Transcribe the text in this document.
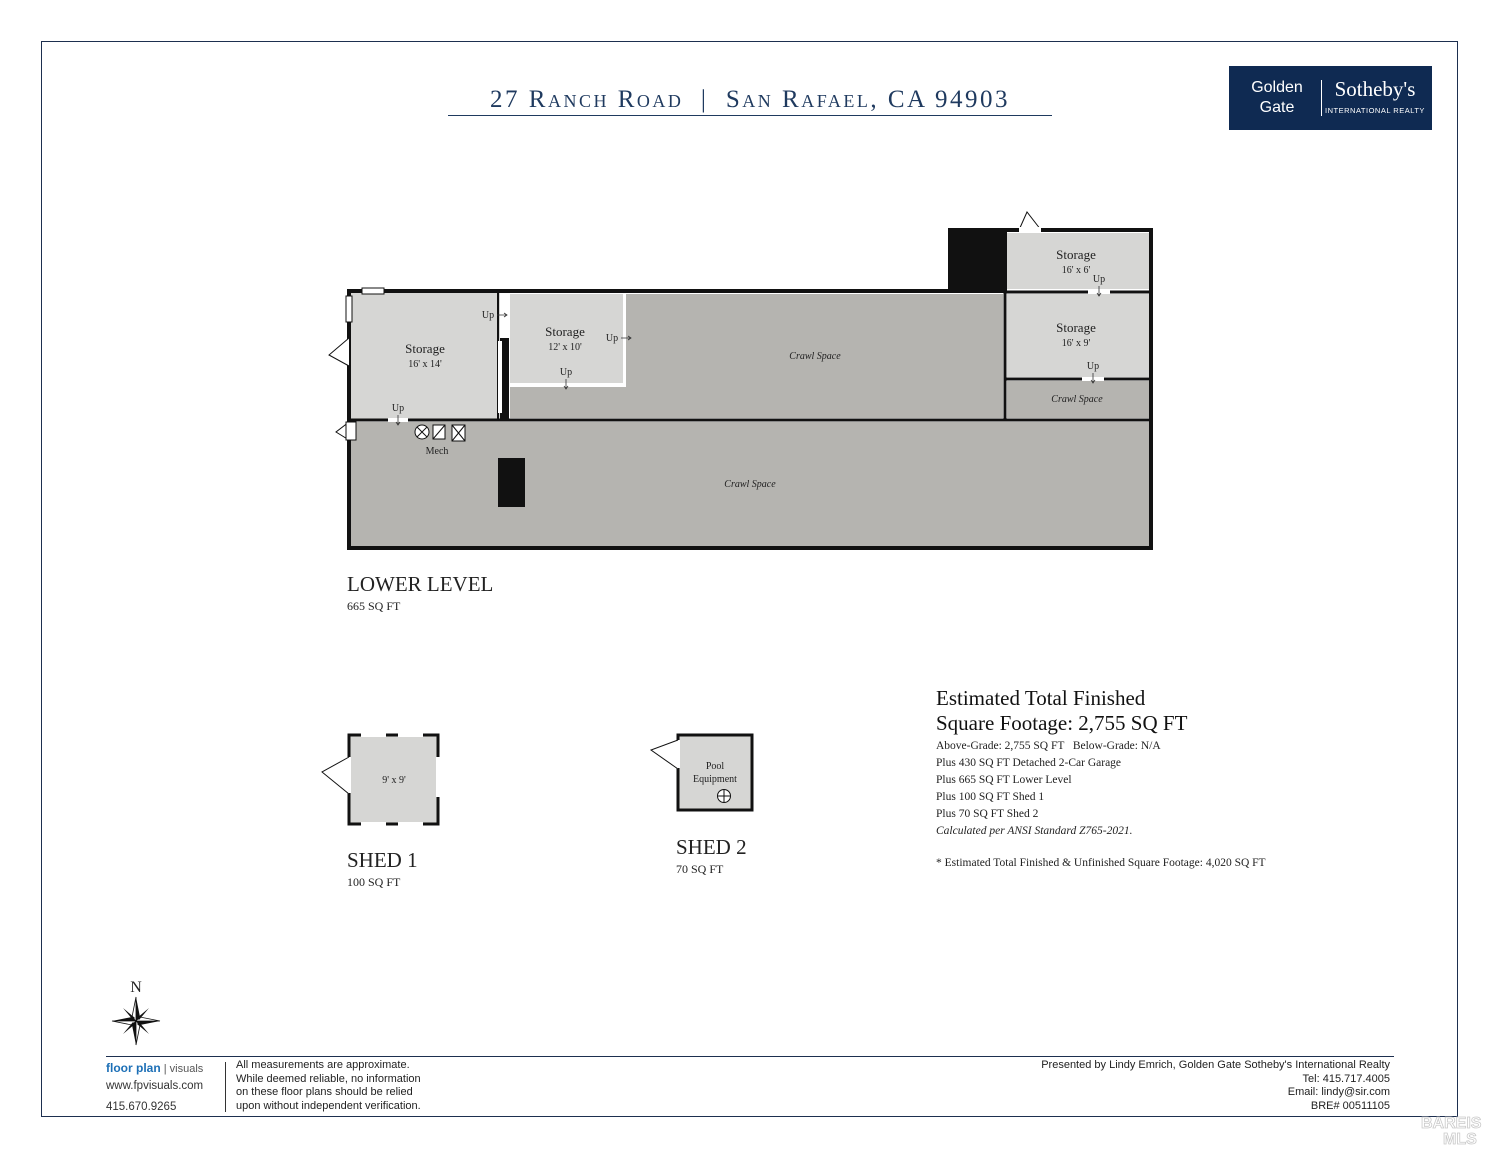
27 Ranch Road | San Rafael, CA 94903	Golden
Gate
Sotheby's
INTERNATIONAL REALTY
Storage
16' x 14'
Storage
12' x 10'
Storage
16' x 6'
Storage
16' x 9'
Crawl Space
Crawl Space
Crawl Space
Mech
Up
Up
Up
Up
Up
Up
9' x 9'
Pool
Equipment
N
LOWER LEVEL
665 SQ FT
SHED 1
100 SQ FT
SHED 2
70 SQ FT
Estimated Total Finished
Square Footage: 2,755 SQ FT
Above-Grade: 2,755 SQ FT   Below-Grade: N/A
Plus 430 SQ FT Detached 2-Car Garage
Plus 665 SQ FT Lower Level
Plus 100 SQ FT Shed 1
Plus 70 SQ FT Shed 2
Calculated per ANSI Standard Z765-2021.
* Estimated Total Finished & Unfinished Square Footage: 4,020 SQ FT
floor plan | visuals
www.fpvisuals.com
415.670.9265
All measurements are approximate.
While deemed reliable, no information
on these floor plans should be relied
upon without independent verification.
Presented by Lindy Emrich, Golden Gate Sotheby's International Realty
Tel: 415.717.4005
Email: lindy@sir.com
BRE# 00511105
BAREIS
MLS
